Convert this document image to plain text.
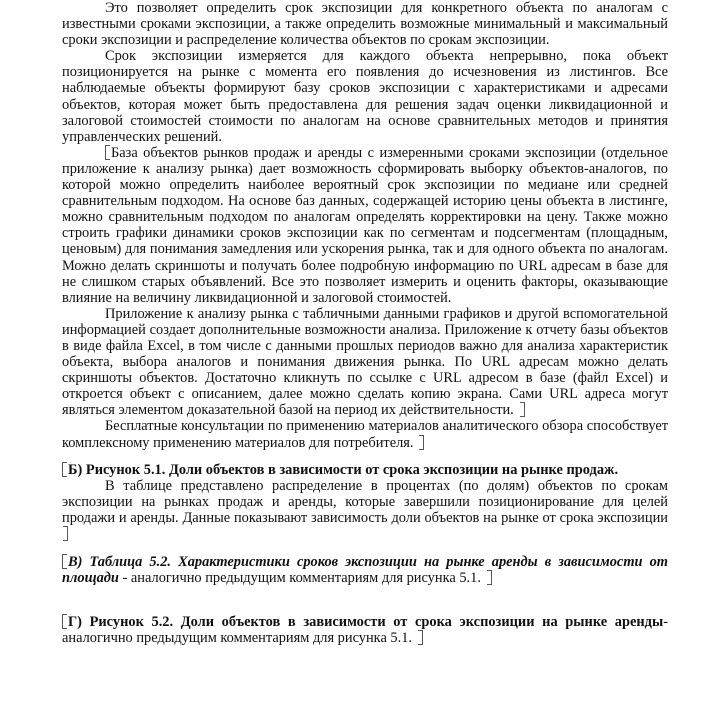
Это позволяет определить срок экспозиции для конкретного объекта по аналогам с известными сроками экспозиции, а также определить возможные минимальный и максимальный сроки экспозиции и распределение количества объектов по срокам экспозиции.

Срок экспозиции измеряется для каждого объекта непрерывно, пока объект позиционируется на рынке с момента его появления до исчезновения из листингов. Все наблюдаемые объекты формируют базу сроков экспозиции с характеристиками и адресами объектов, которая может быть предоставлена для решения задач оценки ликвидационной и залоговой стоимостей стоимости по аналогам на основе сравнительных методов и принятия управленческих решений.

База объектов рынков продаж и аренды с измеренными сроками экспозиции (отдельное приложение к анализу рынка) дает возможность сформировать выборку объектов-аналогов, по которой можно определить наиболее вероятный срок экспозиции по медиане или средней сравнительным подходом. На основе баз данных, содержащей историю цены объекта в листинге, можно сравнительным подходом по аналогам определять корректировки на цену. Также можно строить графики динамики сроков экспозиции как по сегментам и подсегментам (площадным, ценовым) для понимания замедления или ускорения рынка, так и для одного объекта по аналогам. Можно делать скриншоты и получать более подробную информацию по URL адресам в базе для не слишком старых объявлений. Все это позволяет измерить и оценить факторы, оказывающие влияние на величину ликвидационной и залоговой стоимостей.

Приложение к анализу рынка с табличными данными графиков и другой вспомогательной информацией создает дополнительные возможности анализа. Приложение к отчету базы объектов в виде файла Excel, в том числе с данными прошлых периодов важно для анализа характеристик объекта, выбора аналогов и понимания движения рынка. По URL адресам можно делать скриншоты объектов. Достаточно кликнуть по ссылке с URL адресом в базе (файл Excel) и откроется объект с описанием, далее можно сделать копию экрана. Сами URL адреса могут являться элементом доказательной базой на период их действительности.

Бесплатные консультации по применению материалов аналитического обзора способствует комплексному применению материалов для потребителя.

Б) Рисунок 5.1. Доли объектов в зависимости от срока экспозиции на рынке продаж.

В таблице представлено распределение в процентах (по долям) объектов по срокам экспозиции на рынках продаж и аренды, которые завершили позиционирование для целей продажи и аренды. Данные показывают зависимость доли объектов на рынке от срока экспозиции

В) Таблица 5.2. Характеристики сроков экспозиции на рынке аренды в зависимости от площади - аналогично предыдущим комментариям для рисунка 5.1.

Г) Рисунок 5.2. Доли объектов в зависимости от срока экспозиции на рынке аренды- аналогично предыдущим комментариям для рисунка 5.1.
